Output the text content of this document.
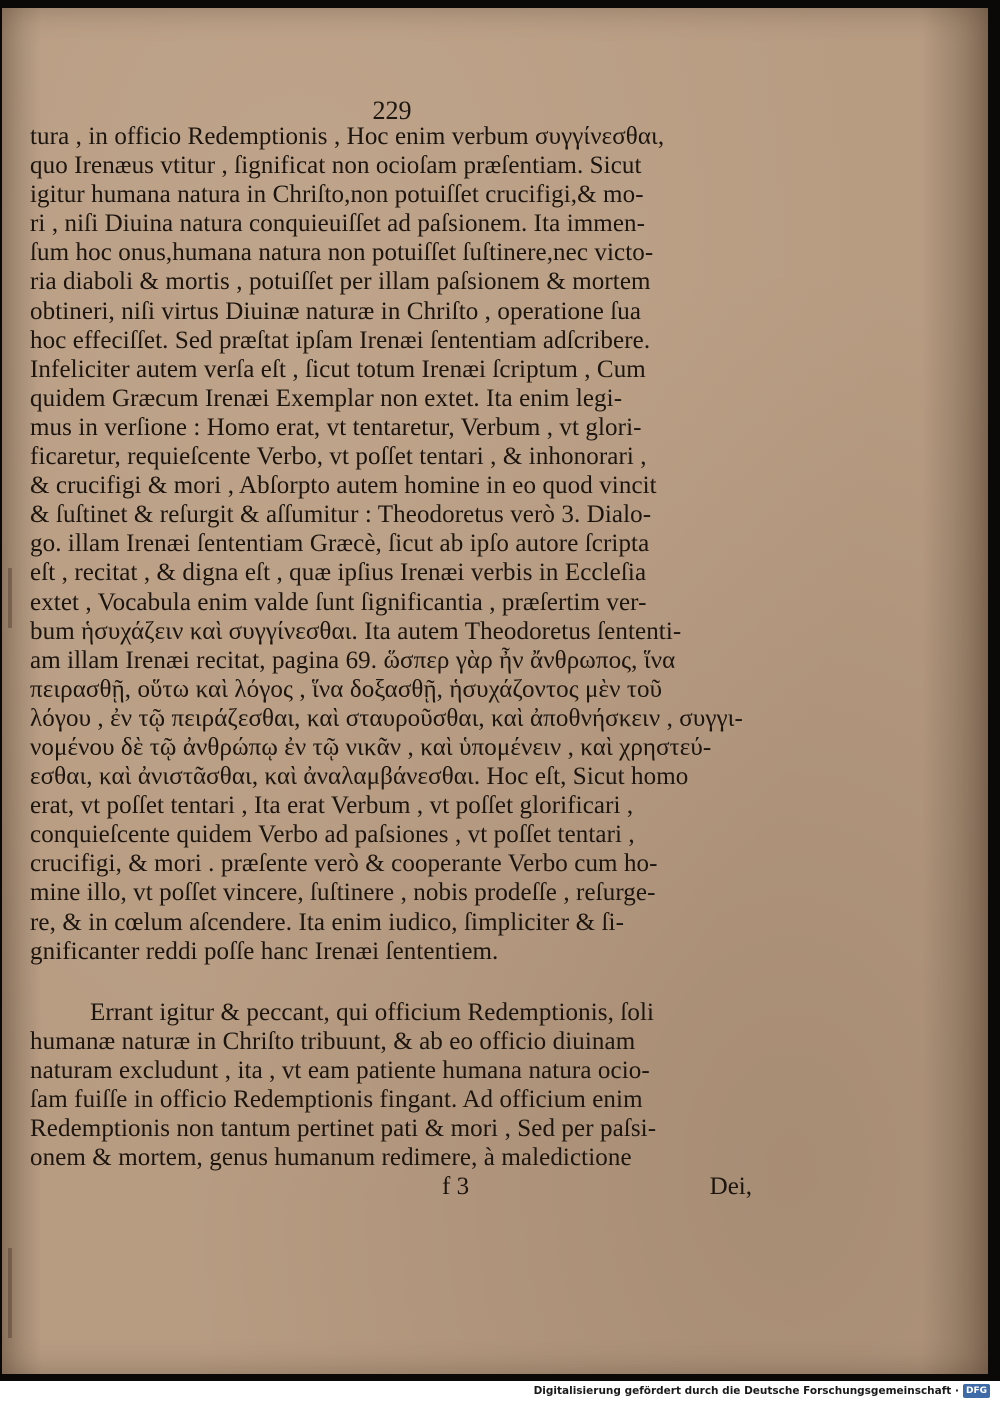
229
tura , in officio Redemptionis , Hoc enim verbum συγγίνεσθαι,
quo Irenæus vtitur , ſignificat non ocioſam præſentiam. Sicut
igitur humana natura in Chriſto,non potuiſſet crucifigi,& mo-
ri , niſi Diuina natura conquieuiſſet ad paſsionem. Ita immen-
ſum hoc onus,humana natura non potuiſſet ſuſtinere,nec victo-
ria diaboli & mortis , potuiſſet per illam paſsionem & mortem
obtineri, niſi virtus Diuinæ naturæ in Chriſto , operatione ſua
hoc effeciſſet. Sed præſtat ipſam Irenæi ſententiam adſcribere.
Infeliciter autem verſa eſt , ſicut totum Irenæi ſcriptum , Cum
quidem Græcum Irenæi Exemplar non extet. Ita enim legi-
mus in verſione : Homo erat, vt tentaretur, Verbum , vt glori-
ficaretur, requieſcente Verbo, vt poſſet tentari , & inhonorari ,
& crucifigi & mori , Abſorpto autem homine in eo quod vincit
& ſuſtinet & reſurgit & aſſumitur : Theodoretus verò 3. Dialo-
go. illam Irenæi ſententiam Græcè, ſicut ab ipſo autore ſcripta
eſt , recitat , & digna eſt , quæ ipſius Irenæi verbis in Eccleſia
extet , Vocabula enim valde ſunt ſignificantia , præſertim ver-
bum ἡσυχάζειν καὶ συγγίνεσθαι. Ita autem Theodoretus ſententi-
am illam Irenæi recitat, pagina 69. ὥσπερ γὰρ ἦν ἄνθρωπος, ἵνα
πειρασθῇ, οὕτω καὶ λόγος , ἵνα δοξασθῇ, ἡσυχάζοντος μὲν τοῦ
λόγου , ἐν τῷ πειράζεσθαι, καὶ σταυροῦσθαι, καὶ ἀποθνήσκειν , συγγι-
νομένου δὲ τῷ ἀνθρώπῳ ἐν τῷ νικᾶν , καὶ ὑπομένειν , καὶ χρηστεύ-
εσθαι, καὶ ἀνιστᾶσθαι, καὶ ἀναλαμβάνεσθαι. Hoc eſt, Sicut homo
erat, vt poſſet tentari , Ita erat Verbum , vt poſſet glorificari ,
conquieſcente quidem Verbo ad paſsiones , vt poſſet tentari ,
crucifigi, & mori . præſente verò & cooperante Verbo cum ho-
mine illo, vt poſſet vincere, ſuſtinere , nobis prodeſſe , reſurge-
re, & in cœlum aſcendere. Ita enim iudico, ſimpliciter & ſi-
gnificanter reddi poſſe hanc Irenæi ſententiem.
Errant igitur & peccant, qui officium Redemptionis, ſoli
humanæ naturæ in Chriſto tribuunt, & ab eo officio diuinam
naturam excludunt , ita , vt eam patiente humana natura ocio-
ſam fuiſſe in officio Redemptionis fingant. Ad officium enim
Redemptionis non tantum pertinet pati & mori , Sed per paſsi-
onem & mortem, genus humanum redimere, à maledictione
f 3	Dei,
Digitalisierung gefördert durch die Deutsche Forschungsgemeinschaft · DFG
